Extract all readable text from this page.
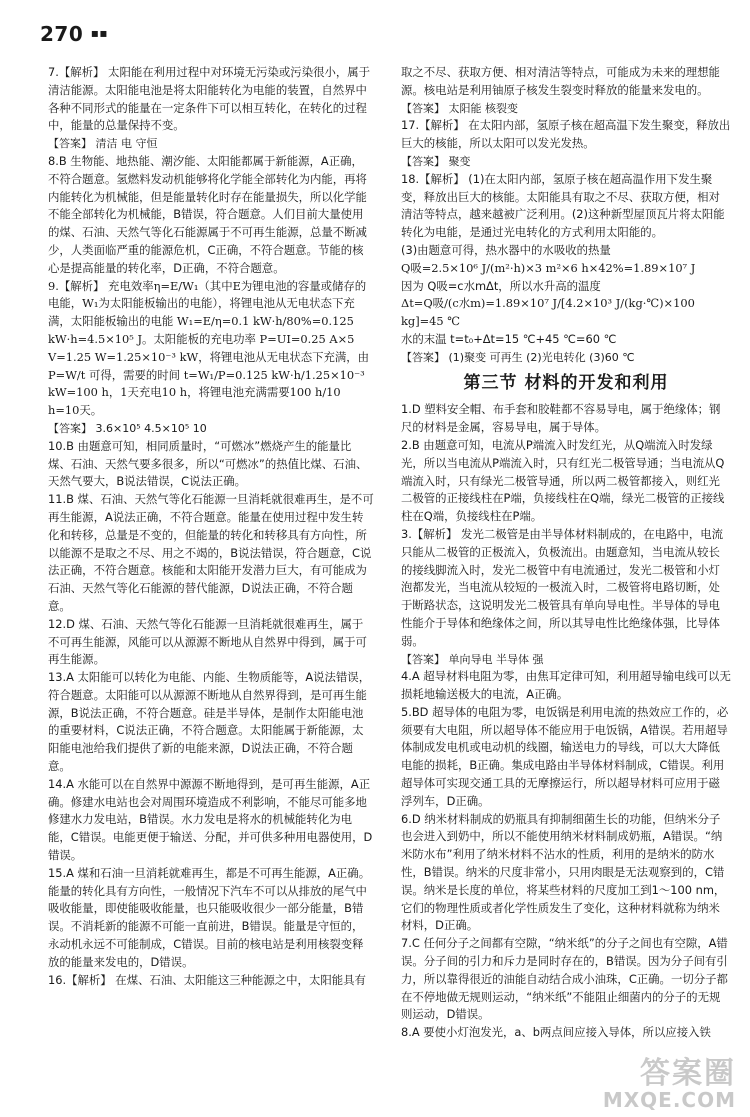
270 ▪▪

7.【解析】 太阳能在利用过程中对环境无污染或污染很小，属于清洁能源。太阳能电池是将太阳能转化为电能的装置，自然界中各种不同形式的能量在一定条件下可以相互转化，在转化的过程中，能量的总量保持不变。

【答案】 清洁 电 守恒

8.B 生物能、地热能、潮汐能、太阳能都属于新能源，A正确，不符合题意。氢燃料发动机能够将化学能全部转化为内能，再将内能转化为机械能，但是能量转化时存在能量损失，所以化学能不能全部转化为机械能，B错误，符合题意。人们目前大量使用的煤、石油、天然气等化石能源属于不可再生能源，总量不断减少，人类面临严重的能源危机，C正确，不符合题意。节能的核心是提高能量的转化率，D正确，不符合题意。

9.【解析】 充电效率η=E/W₁（其中E为锂电池的容量或储存的电能，W₁为太阳能板输出的电能），将锂电池从无电状态下充满，太阳能板输出的电能 W₁=E/η=0.1 kW·h/80%=0.125 kW·h=4.5×10⁵ J。太阳能板的充电功率 P=UI=0.25 A×5 V=1.25 W=1.25×10⁻³ kW，将锂电池从无电状态下充满，由 P=W/t 可得，需要的时间 t=W₁/P=0.125 kW·h/1.25×10⁻³ kW=100 h，1天充电10 h，将锂电池充满需要100 h/10 h=10天。

【答案】 3.6×10⁵ 4.5×10⁵ 10

10.B 由题意可知，相同质量时，“可燃冰”燃烧产生的能量比煤、石油、天然气要多很多，所以“可燃冰”的热值比煤、石油、天然气要大，B说法错误，C说法正确。

11.B 煤、石油、天然气等化石能源一旦消耗就很难再生，是不可再生能源，A说法正确，不符合题意。能量在使用过程中发生转化和转移，总量是不变的，但能量的转化和转移具有方向性，所以能源不是取之不尽、用之不竭的，B说法错误，符合题意，C说法正确，不符合题意。核能和太阳能开发潜力巨大，有可能成为石油、天然气等化石能源的替代能源，D说法正确，不符合题意。

12.D 煤、石油、天然气等化石能源一旦消耗就很难再生，属于不可再生能源，风能可以从源源不断地从自然界中得到，属于可再生能源。

13.A 太阳能可以转化为电能、内能、生物质能等，A说法错误，符合题意。太阳能可以从源源不断地从自然界得到，是可再生能源，B说法正确，不符合题意。硅是半导体，是制作太阳能电池的重要材料，C说法正确，不符合题意。太阳能属于新能源，太阳能电池给我们提供了新的电能来源，D说法正确，不符合题意。

14.A 水能可以在自然界中源源不断地得到，是可再生能源，A正确。修建水电站也会对周围环境造成不利影响，不能尽可能多地修建水力发电站，B错误。水力发电是将水的机械能转化为电能，C错误。电能更便于输送、分配，并可供多种用电器使用，D错误。

15.A 煤和石油一旦消耗就难再生，都是不可再生能源，A正确。能量的转化具有方向性，一般情况下汽车不可以从排放的尾气中吸收能量，即使能吸收能量，也只能吸收很少一部分能量，B错误。不消耗新的能源不可能一直前进，B错误。能量是守恒的，永动机永远不可能制成，C错误。目前的核电站是利用核裂变释放的能量来发电的，D错误。

16.【解析】 在煤、石油、太阳能这三种能源之中，太阳能具有

取之不尽、获取方便、相对清洁等特点，可能成为未来的理想能源。核电站是利用铀原子核发生裂变时释放的能量来发电的。

【答案】 太阳能 核裂变

17.【解析】 在太阳内部，氢原子核在超高温下发生聚变，释放出巨大的核能，所以太阳可以发光发热。

【答案】 聚变

18.【解析】 (1)在太阳内部，氢原子核在超高温作用下发生聚变，释放出巨大的核能。太阳能具有取之不尽、获取方便，相对清洁等特点，越来越被广泛利用。(2)这种新型屋顶瓦片将太阳能转化为电能，是通过光电转化的方式利用太阳能的。

(3)由题意可得，热水器中的水吸收的热量

Q吸=2.5×10⁶ J/(m²·h)×3 m²×6 h×42%=1.89×10⁷ J

因为 Q吸=c水mΔt，所以水升高的温度

Δt=Q吸/(c水m)=1.89×10⁷ J/[4.2×10³ J/(kg·℃)×100 kg]=45 ℃

水的末温 t=t₀+Δt=15 ℃+45 ℃=60 ℃

【答案】 (1)聚变 可再生 (2)光电转化 (3)60 ℃

第三节 材料的开发和利用

1.D 塑料安全帽、布手套和胶鞋都不容易导电，属于绝缘体；钢尺的材料是金属，容易导电，属于导体。

2.B 由题意可知，电流从P端流入时发红光，从Q端流入时发绿光，所以当电流从P端流入时，只有红光二极管导通；当电流从Q端流入时，只有绿光二极管导通，所以两二极管都接入，则红光二极管的正接线柱在P端，负接线柱在Q端，绿光二极管的正接线柱在Q端，负接线柱在P端。

3.【解析】 发光二极管是由半导体材料制成的，在电路中，电流只能从二极管的正极流入，负极流出。由题意知，当电流从较长的接线脚流入时，发光二极管中有电流通过，发光二极管和小灯泡都发光，当电流从较短的一极流入时，二极管将电路切断，处于断路状态，这说明发光二极管具有单向导电性。半导体的导电性能介于导体和绝缘体之间，所以其导电性比绝缘体强，比导体弱。

【答案】 单向导电 半导体 强

4.A 超导材料电阻为零，由焦耳定律可知，利用超导输电线可以无损耗地输送极大的电流，A正确。

5.BD 超导体的电阻为零，电饭锅是利用电流的热效应工作的，必须要有大电阻，所以超导体不能应用于电饭锅，A错误。若用超导体制成发电机或电动机的线圈，输送电力的导线，可以大大降低电能的损耗，B正确。集成电路由半导体材料制成，C错误。利用超导体可实现交通工具的无摩擦运行，所以超导材料可应用于磁浮列车，D正确。

6.D 纳米材料制成的奶瓶具有抑制细菌生长的功能，但纳米分子也会进入到奶中，所以不能使用纳米材料制成奶瓶，A错误。“纳米防水布”利用了纳米材料不沾水的性质，利用的是纳米的防水性，B错误。纳米的尺度非常小，只用肉眼是无法观察到的，C错误。纳米是长度的单位，将某些材料的尺度加工到1～100 nm，它们的物理性质或者化学性质发生了变化，这种材料就称为纳米材料，D正确。

7.C 任何分子之间都有空隙，“纳米纸”的分子之间也有空隙，A错误。分子间的引力和斥力是同时存在的，B错误。因为分子间有引力，所以靠得很近的油能自动结合成小油珠，C正确。一切分子都在不停地做无规则运动，“纳米纸”不能阻止细菌内的分子的无规则运动，D错误。

8.A 要使小灯泡发光，a、b两点间应接入导体，所以应接入铁

答案圈
MXQE.COM
